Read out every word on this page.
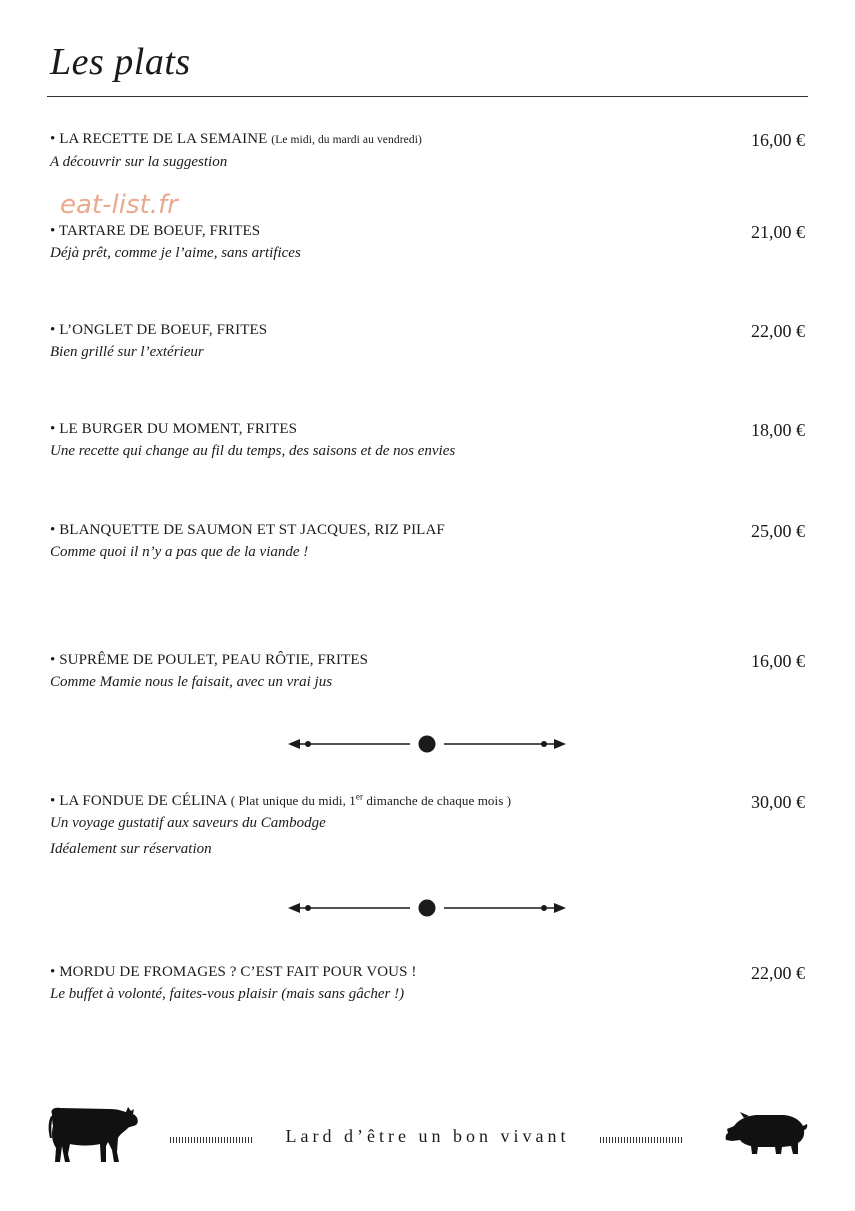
Les plats
• LA RECETTE DE LA SEMAINE (Le midi, du mardi au vendredi)
A découvrir sur la suggestion
16,00 €
eat-list.fr
• TARTARE DE BOEUF, FRITES
Déjà prêt, comme je l’aime, sans artifices
21,00 €
• L’ONGLET DE BOEUF, FRITES
Bien grillé sur l’extérieur
22,00 €
• LE BURGER DU MOMENT, FRITES
Une recette qui change au fil du temps, des saisons et de nos envies
18,00 €
• BLANQUETTE DE SAUMON ET ST JACQUES, RIZ PILAF
Comme quoi il n’y a pas que de la viande !
25,00 €
• SUPRÊME DE POULET, PEAU RÔTIE, FRITES
Comme Mamie nous le faisait, avec un vrai jus
16,00 €
• LA FONDUE DE CÉLINA ( Plat unique du midi, 1er dimanche de chaque mois )
Un voyage gustatif aux saveurs du Cambodge
Idéalement sur réservation
30,00 €
• MORDU DE FROMAGES ? C’EST FAIT POUR VOUS !
Le buffet à volonté, faites-vous plaisir (mais sans gâcher !)
22,00 €
Lard d’être un bon vivant
